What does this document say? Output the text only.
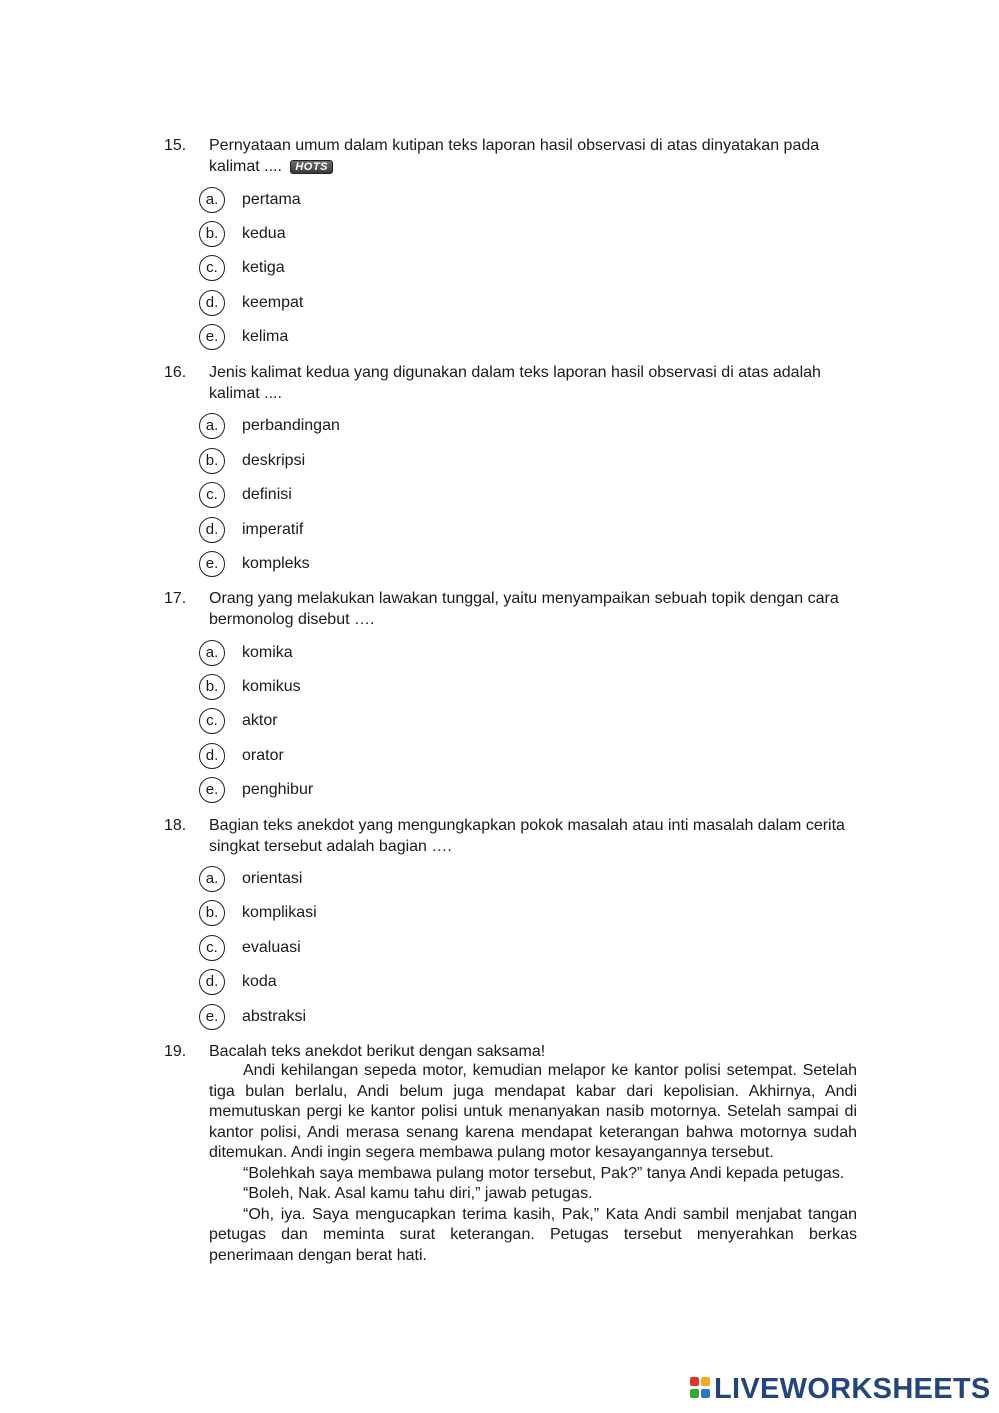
15. Pernyataan umum dalam kutipan teks laporan hasil observasi di atas dinyatakan pada kalimat .... HOTS
a.	pertama
b.	kedua
c.	ketiga
d.	keempat
e.	kelima
16. Jenis kalimat kedua yang digunakan dalam teks laporan hasil observasi di atas adalah kalimat ....
a.	perbandingan
b.	deskripsi
c.	definisi
d.	imperatif
e.	kompleks
17. Orang yang melakukan lawakan tunggal, yaitu menyampaikan sebuah topik dengan cara bermonolog disebut ….
a.	komika
b.	komikus
c.	aktor
d.	orator
e.	penghibur
18. Bagian teks anekdot yang mengungkapkan pokok masalah atau inti masalah dalam cerita singkat tersebut adalah bagian ….
a.	orientasi
b.	komplikasi
c.	evaluasi
d.	koda
e.	abstraksi
19. Bacalah teks anekdot berikut dengan saksama!

Andi kehilangan sepeda motor, kemudian melapor ke kantor polisi setempat. Setelah tiga bulan berlalu, Andi belum juga mendapat kabar dari kepolisian. Akhirnya, Andi memutuskan pergi ke kantor polisi untuk menanyakan nasib motornya. Setelah sampai di kantor polisi, Andi merasa senang karena mendapat keterangan bahwa motornya sudah ditemukan. Andi ingin segera membawa pulang motor kesayangannya tersebut.

“Bolehkah saya membawa pulang motor tersebut, Pak?” tanya Andi kepada petugas.

“Boleh, Nak. Asal kamu tahu diri,” jawab petugas.

“Oh, iya. Saya mengucapkan terima kasih, Pak,” Kata Andi sambil menjabat tangan petugas dan meminta surat keterangan. Petugas tersebut menyerahkan berkas penerimaan dengan berat hati.

LIVEWORKSHEETS
